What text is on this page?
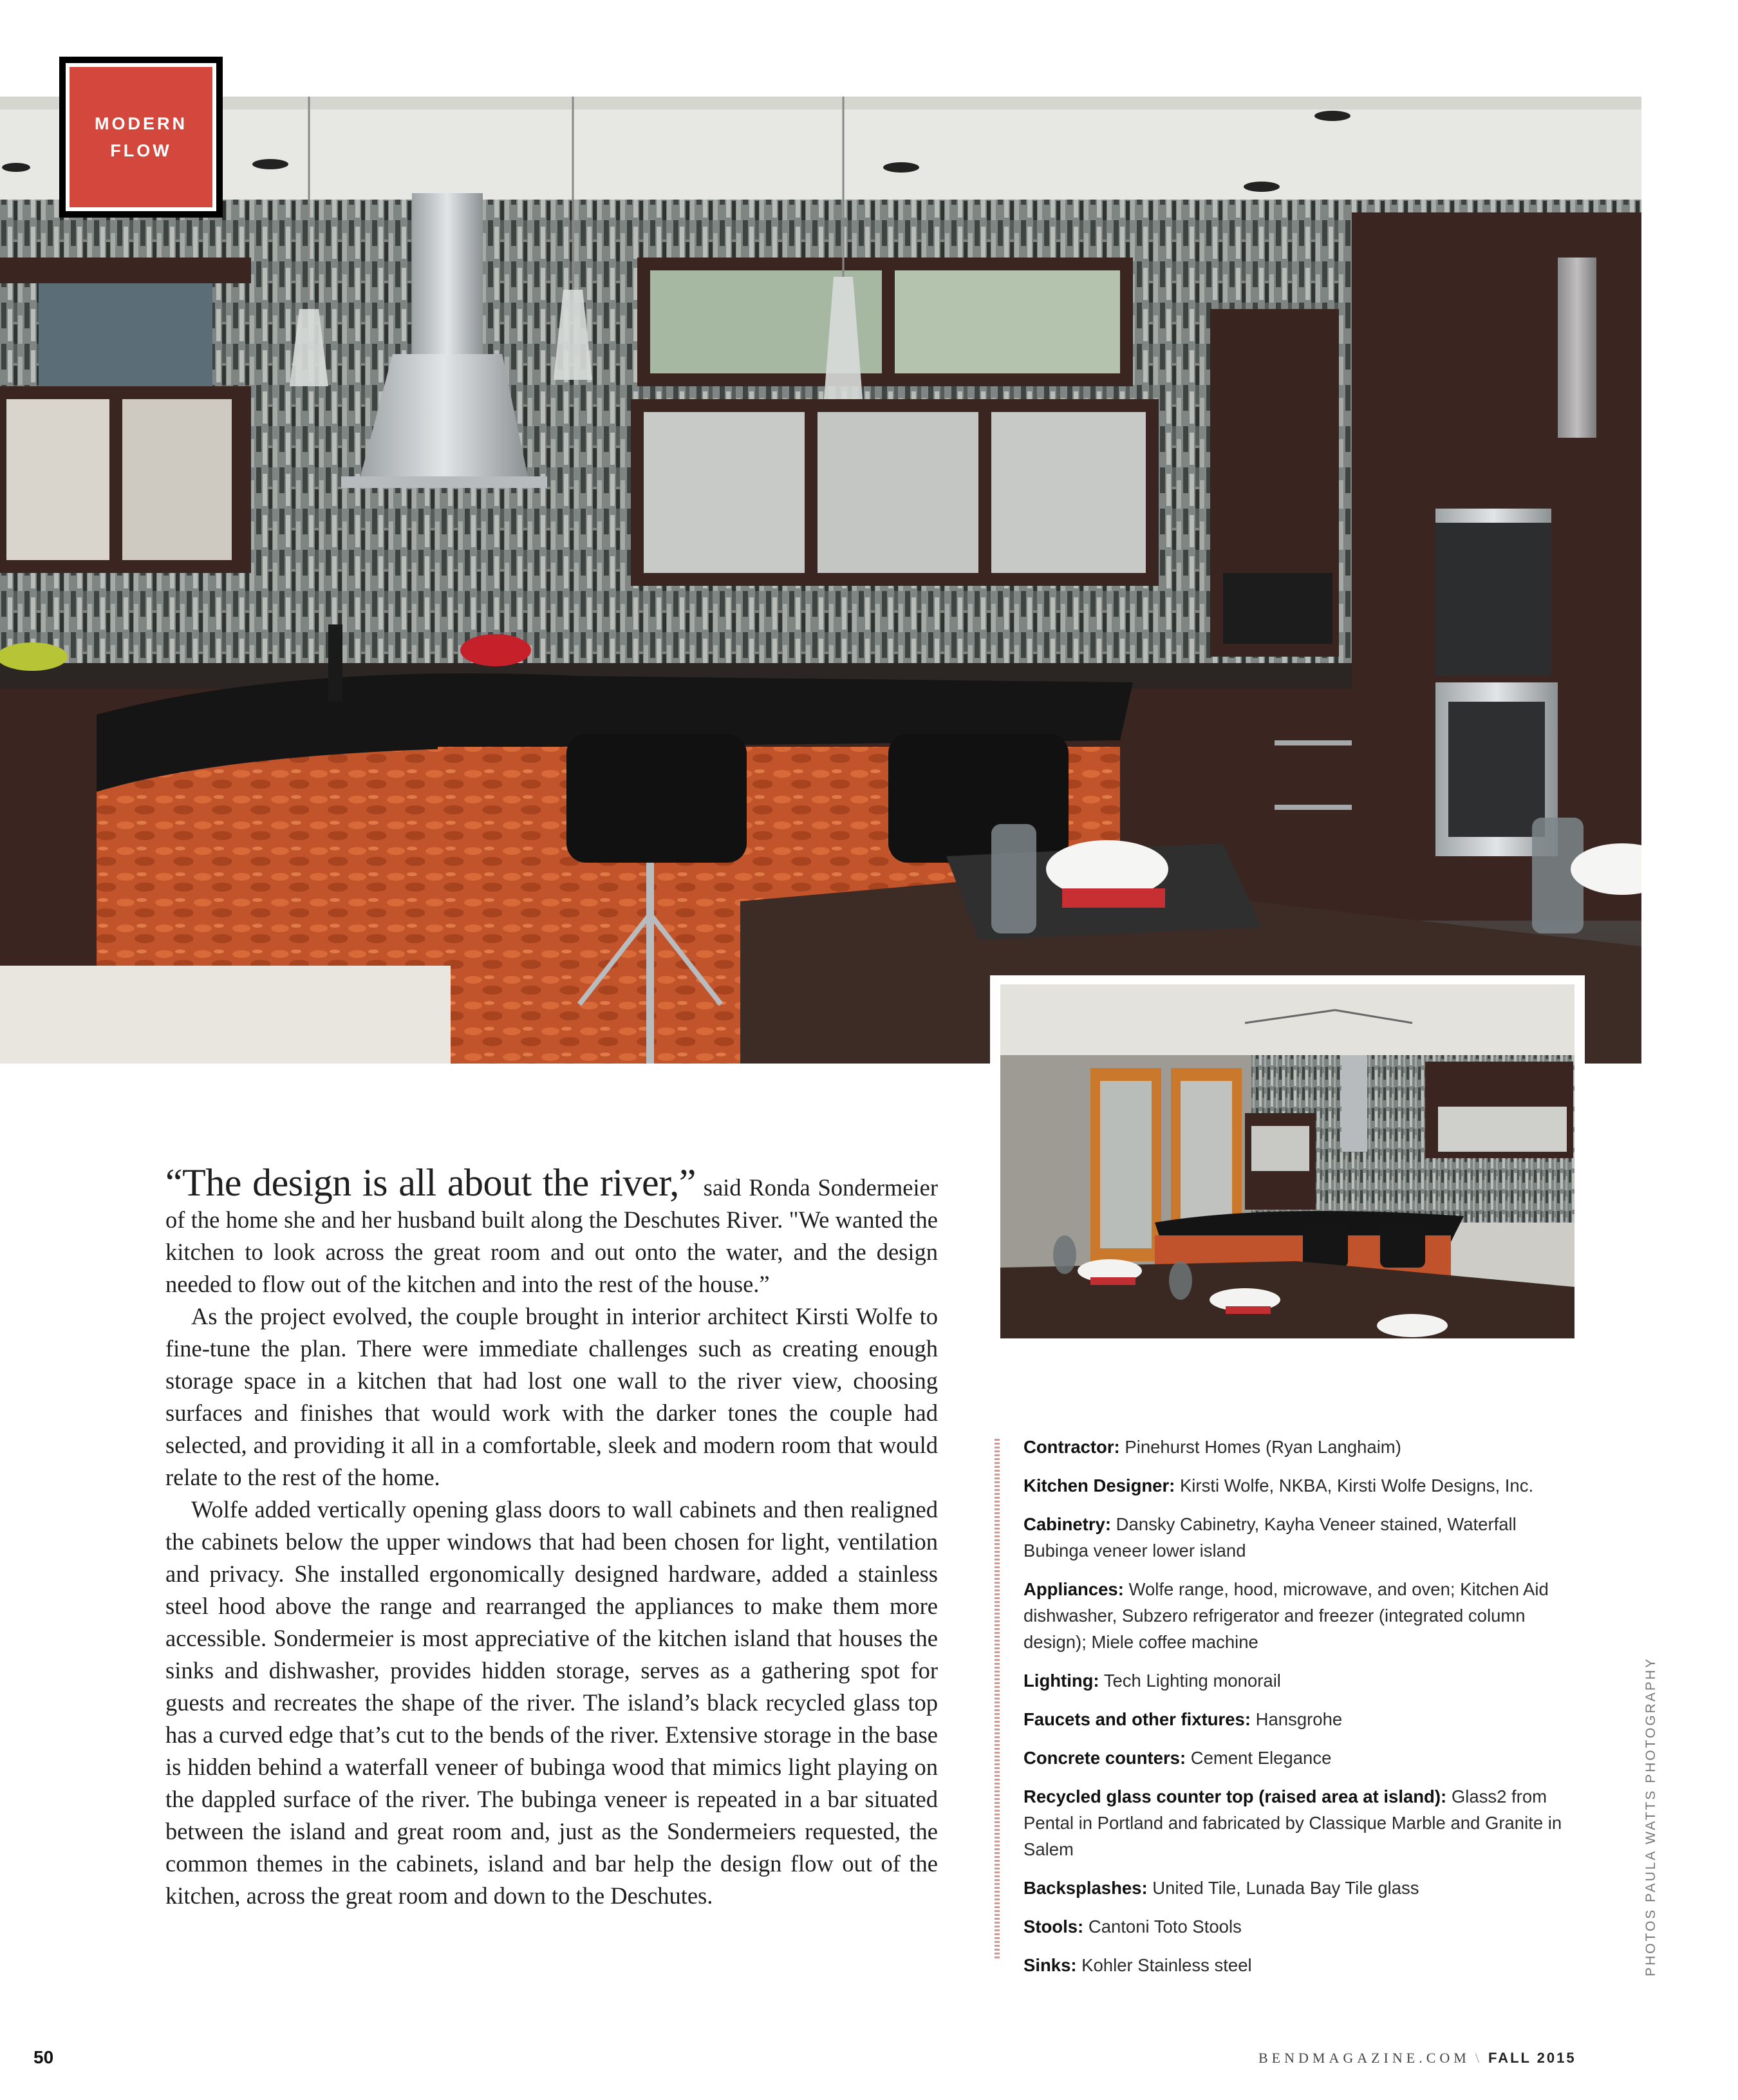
MODERN
FLOW

“The design is all about the river,” said Ronda Sondermeier of the home she and her husband built along the Deschutes River. "We wanted the kitchen to look across the great room and out onto the water, and the design needed to flow out of the kitchen and into the rest of the house.”

As the project evolved, the couple brought in interior architect Kirsti Wolfe to fine-tune the plan. There were immediate challenges such as creating enough storage space in a kitchen that had lost one wall to the river view, choosing surfaces and finishes that would work with the darker tones the couple had selected, and providing it all in a comfortable, sleek and modern room that would relate to the rest of the home.

Wolfe added vertically opening glass doors to wall cabinets and then realigned the cabinets below the upper windows that had been chosen for light, ventilation and privacy. She installed ergonomically designed hardware, added a stainless steel hood above the range and rearranged the appliances to make them more accessible. Sondermeier is most appreciative of the kitchen island that houses the sinks and dishwasher, provides hidden storage, serves as a gathering spot for guests and recreates the shape of the river. The island’s black recycled glass top has a curved edge that’s cut to the bends of the river. Extensive storage in the base is hidden behind a waterfall veneer of bubinga wood that mimics light playing on the dappled surface of the river. The bubinga veneer is repeated in a bar situated between the island and great room and, just as the Sondermeiers requested, the common themes in the cabinets, island and bar help the design flow out of the kitchen, across the great room and down to the Deschutes.

Contractor: Pinehurst Homes (Ryan Langhaim)

Kitchen Designer: Kirsti Wolfe, NKBA, Kirsti Wolfe Designs, Inc.

Cabinetry: Dansky Cabinetry, Kayha Veneer stained, Waterfall Bubinga veneer lower island

Appliances: Wolfe range, hood, microwave, and oven; Kitchen Aid dishwasher, Subzero refrigerator and freezer (integrated column design); Miele coffee machine

Lighting: Tech Lighting monorail

Faucets and other fixtures: Hansgrohe

Concrete counters: Cement Elegance

Recycled glass counter top (raised area at island): Glass2 from Pental in Portland and fabricated by Classique Marble and Granite in Salem

Backsplashes: United Tile, Lunada Bay Tile glass

Stools: Cantoni Toto Stools

Sinks: Kohler Stainless steel	PHOTOS PAULA WATTS PHOTOGRAPHY
50	BENDMAGAZINE.COM \ FALL 2015
